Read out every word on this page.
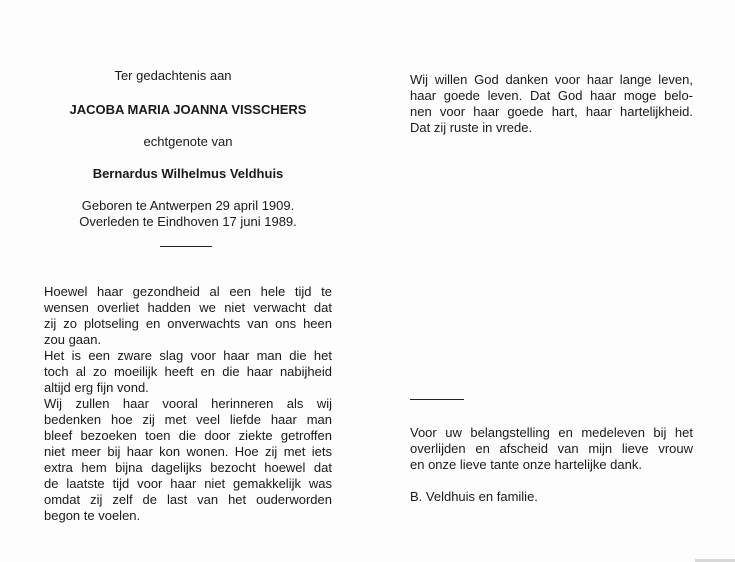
Ter gedachtenis aan
JACOBA MARIA JOANNA VISSCHERS
echtgenote van
Bernardus Wilhelmus Veldhuis
Geboren te Antwerpen 29 april 1909.
Overleden te Eindhoven 17 juni 1989.
Hoewel haar gezondheid al een hele tijd te
wensen overliet hadden we niet verwacht dat
zij zo plotseling en onverwachts van ons heen
zou gaan.
Het is een zware slag voor haar man die het
toch al zo moeilijk heeft en die haar nabijheid
altijd erg fijn vond.
Wij zullen haar vooral herinneren als wij
bedenken hoe zij met veel liefde haar man
bleef bezoeken toen die door ziekte getroffen
niet meer bij haar kon wonen. Hoe zij met iets
extra hem bijna dagelijks bezocht hoewel dat
de laatste tijd voor haar niet gemakkelijk was
omdat zij zelf de last van het ouderworden
begon te voelen.
Wij willen God danken voor haar lange leven,
haar goede leven. Dat God haar moge belo-
nen voor haar goede hart, haar hartelijkheid.
Dat zij ruste in vrede.
Voor uw belangstelling en medeleven bij het
overlijden en afscheid van mijn lieve vrouw
en onze lieve tante onze hartelijke dank.
B. Veldhuis en familie.
